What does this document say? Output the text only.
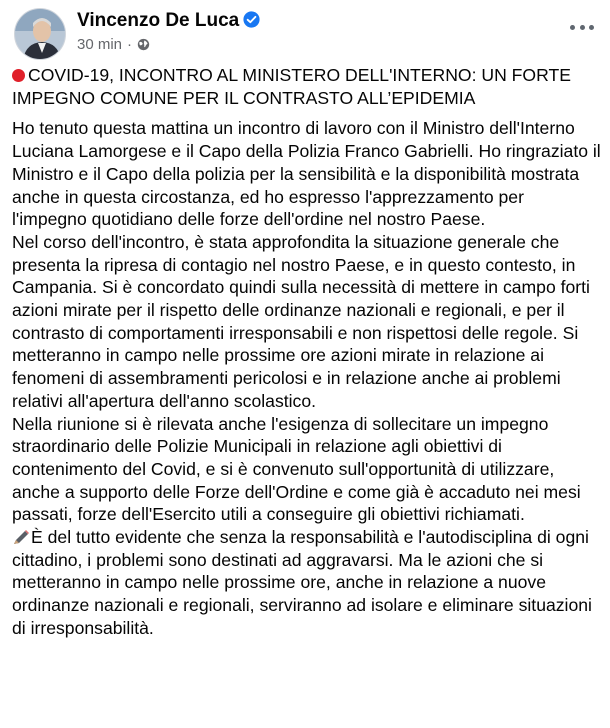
Vincenzo De Luca
30 min ·

COVID-19, INCONTRO AL MINISTERO DELL'INTERNO: UN FORTE IMPEGNO COMUNE PER IL CONTRASTO ALL’EPIDEMIA

Ho tenuto questa mattina un incontro di lavoro con il Ministro dell'Interno Luciana Lamorgese e il Capo della Polizia Franco Gabrielli. Ho ringraziato il Ministro e il Capo della polizia per la sensibilità e la disponibilità mostrata anche in questa circostanza, ed ho espresso l'apprezzamento per l'impegno quotidiano delle forze dell'ordine nel nostro Paese.

Nel corso dell'incontro, è stata approfondita la situazione generale che presenta la ripresa di contagio nel nostro Paese, e in questo contesto, in Campania. Si è concordato quindi sulla necessità di mettere in campo forti azioni mirate per il rispetto delle ordinanze nazionali e regionali, e per il contrasto di comportamenti irresponsabili e non rispettosi delle regole. Si metteranno in campo nelle prossime ore azioni mirate in relazione ai fenomeni di assembramenti pericolosi e in relazione anche ai problemi relativi all'apertura dell'anno scolastico.

Nella riunione si è rilevata anche l'esigenza di sollecitare un impegno straordinario delle Polizie Municipali in relazione agli obiettivi di contenimento del Covid, e si è convenuto sull'opportunità di utilizzare, anche a supporto delle Forze dell'Ordine e come già è accaduto nei mesi passati, forze dell'Esercito utili a conseguire gli obiettivi richiamati.

È del tutto evidente che senza la responsabilità e l'autodisciplina di ogni cittadino, i problemi sono destinati ad aggravarsi. Ma le azioni che si metteranno in campo nelle prossime ore, anche in relazione a nuove ordinanze nazionali e regionali, serviranno ad isolare e eliminare situazioni di irresponsabilità.
